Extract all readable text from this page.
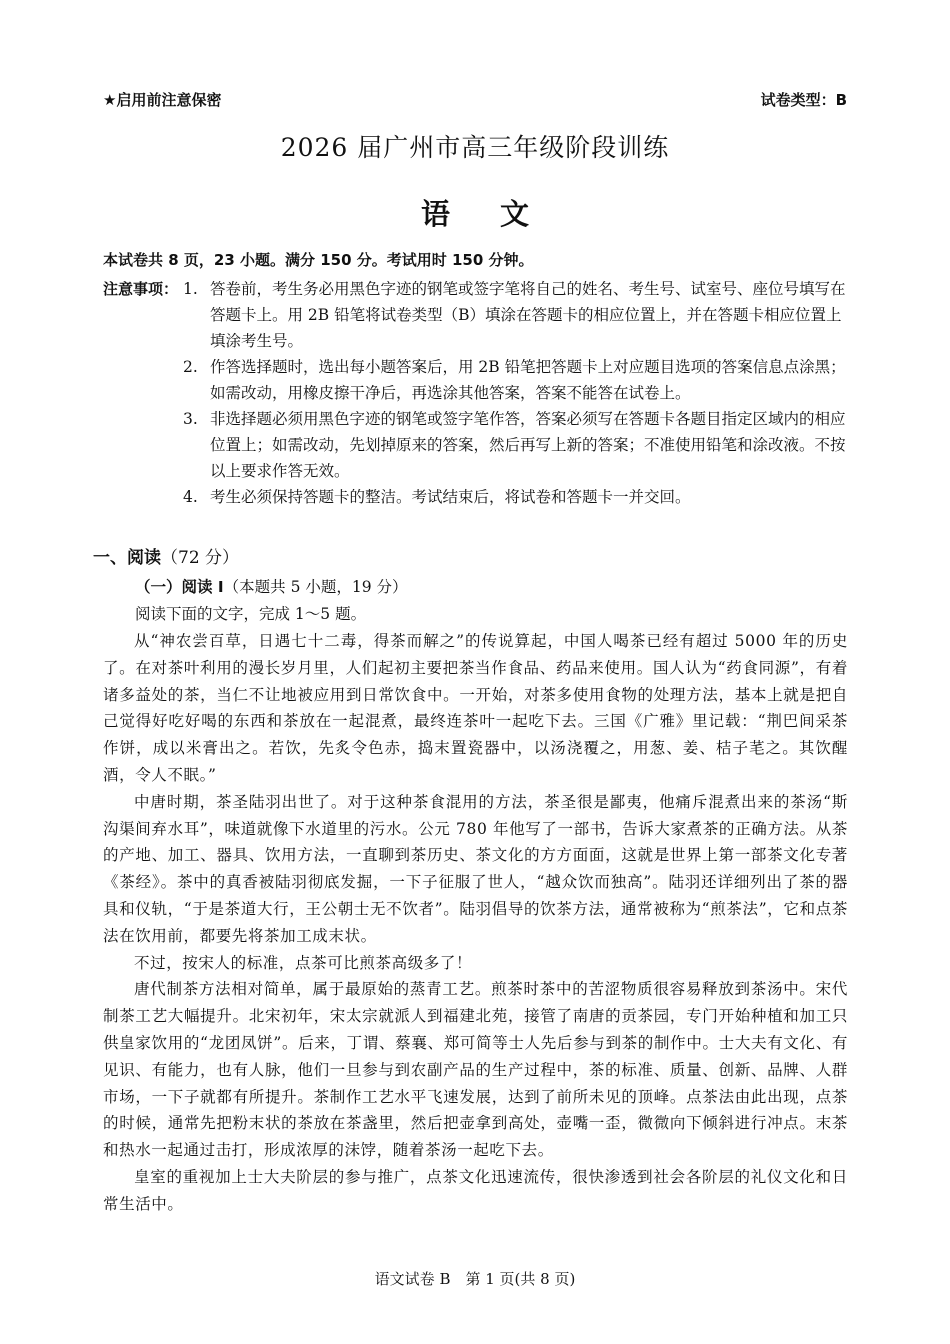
★启用前注意保密	试卷类型：B
2026 届广州市高三年级阶段训练
语文
本试卷共 8 页，23 小题。满分 150 分。考试用时 150 分钟。
注意事项： 1. 答卷前，考生务必用黑色字迹的钢笔或签字笔将自己的姓名、考生号、试室号、座位号填写在答题卡上。用 2B 铅笔将试卷类型（B）填涂在答题卡的相应位置上，并在答题卡相应位置上填涂考生号。
2. 作答选择题时，选出每小题答案后，用 2B 铅笔把答题卡上对应题目选项的答案信息点涂黑；如需改动，用橡皮擦干净后，再选涂其他答案，答案不能答在试卷上。
3. 非选择题必须用黑色字迹的钢笔或签字笔作答，答案必须写在答题卡各题目指定区域内的相应位置上；如需改动，先划掉原来的答案，然后再写上新的答案；不准使用铅笔和涂改液。不按以上要求作答无效。
4. 考生必须保持答题卡的整洁。考试结束后，将试卷和答题卡一并交回。
一、阅读（72 分）
（一）阅读 Ⅰ（本题共 5 小题，19 分）
阅读下面的文字，完成 1～5 题。

从“神农尝百草，日遇七十二毒，得茶而解之”的传说算起，中国人喝茶已经有超过 5000 年的历史了。在对茶叶利用的漫长岁月里，人们起初主要把茶当作食品、药品来使用。国人认为“药食同源”，有着诸多益处的茶，当仁不让地被应用到日常饮食中。一开始，对茶多使用食物的处理方法，基本上就是把自己觉得好吃好喝的东西和茶放在一起混煮，最终连茶叶一起吃下去。三国《广雅》里记载：“荆巴间采茶作饼，成以米膏出之。若饮，先炙令色赤，捣末置瓷器中，以汤浇覆之，用葱、姜、桔子芼之。其饮醒酒，令人不眠。”

中唐时期，茶圣陆羽出世了。对于这种茶食混用的方法，茶圣很是鄙夷，他痛斥混煮出来的茶汤“斯沟渠间弃水耳”，味道就像下水道里的污水。公元 780 年他写了一部书，告诉大家煮茶的正确方法。从茶的产地、加工、器具、饮用方法，一直聊到茶历史、茶文化的方方面面，这就是世界上第一部茶文化专著《茶经》。茶中的真香被陆羽彻底发掘，一下子征服了世人，“越众饮而独高”。陆羽还详细列出了茶的器具和仪轨，“于是茶道大行，王公朝士无不饮者”。陆羽倡导的饮茶方法，通常被称为“煎茶法”，它和点茶法在饮用前，都要先将茶加工成末状。

不过，按宋人的标准，点茶可比煎茶高级多了！

唐代制茶方法相对简单，属于最原始的蒸青工艺。煎茶时茶中的苦涩物质很容易释放到茶汤中。宋代制茶工艺大幅提升。北宋初年，宋太宗就派人到福建北苑，接管了南唐的贡茶园，专门开始种植和加工只供皇家饮用的“龙团凤饼”。后来，丁谓、蔡襄、郑可简等士人先后参与到茶的制作中。士大夫有文化、有见识、有能力，也有人脉，他们一旦参与到农副产品的生产过程中，茶的标准、质量、创新、品牌、人群市场，一下子就都有所提升。茶制作工艺水平飞速发展，达到了前所未见的顶峰。点茶法由此出现，点茶的时候，通常先把粉末状的茶放在茶盏里，然后把壶拿到高处，壶嘴一歪，微微向下倾斜进行冲点。末茶和热水一起通过击打，形成浓厚的沫饽，随着茶汤一起吃下去。

皇室的重视加上士大夫阶层的参与推广，点茶文化迅速流传，很快渗透到社会各阶层的礼仪文化和日常生活中。

语文试卷 B　第 1 页(共 8 页)
